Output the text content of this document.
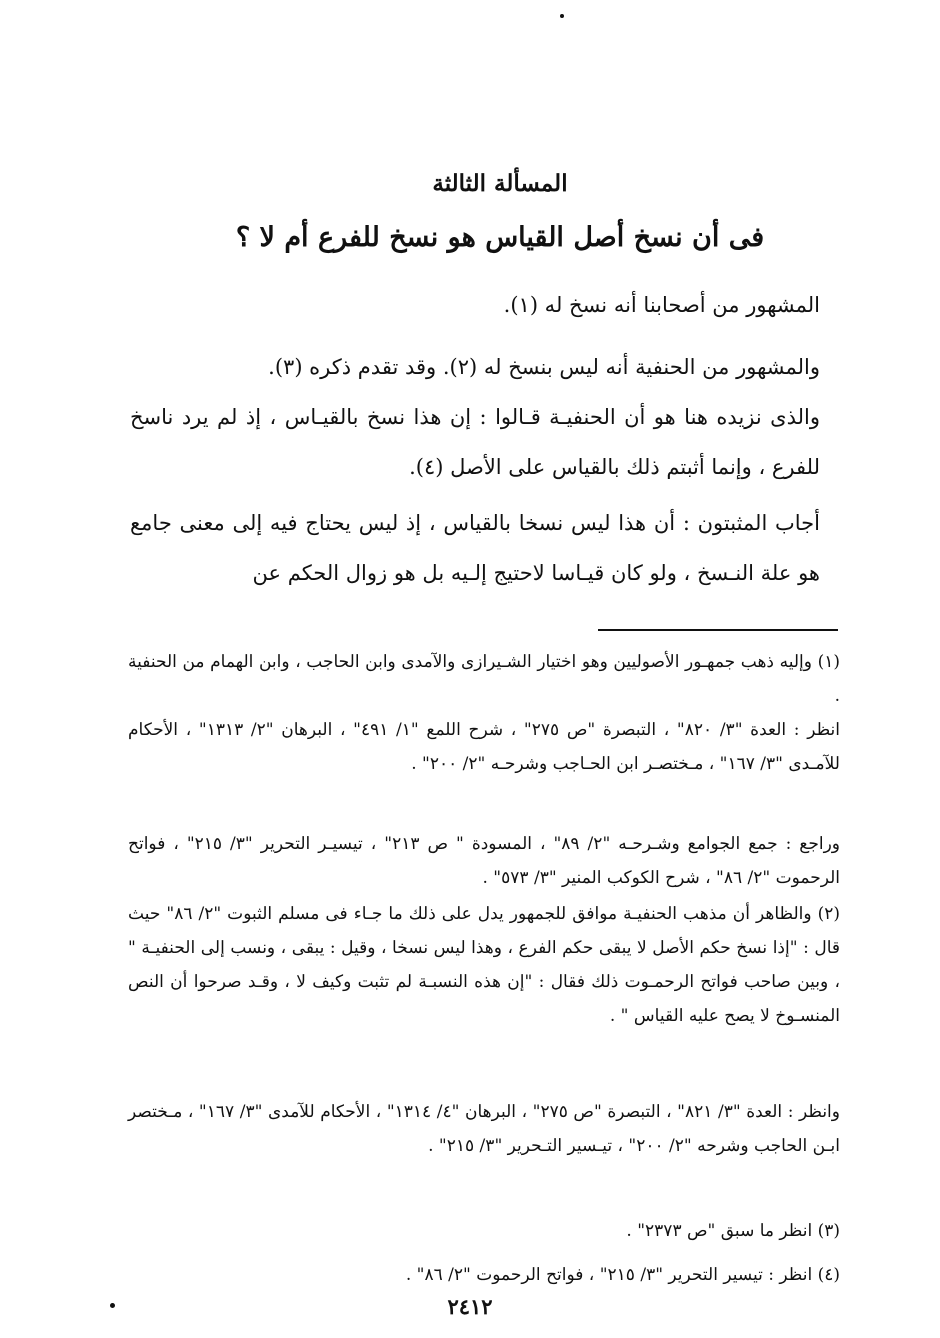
المسألة الثالثة
فى أن نسخ أصل القياس هو نسخ للفرع أم لا ؟
المشهور من أصحابنا أنه نسخ له (١).
والمشهور من الحنفية أنه ليس بنسخ له (٢). وقد تقدم ذكره (٣).
والذى نزيده هنا هو أن الحنفيـة قـالوا : إن هذا نسخ بالقيـاس ، إذ لم يرد ناسخ للفرع ، وإنما أثبتم ذلك بالقياس على الأصل (٤).
أجاب المثبتون : أن هذا ليس نسخا بالقياس ، إذ ليس يحتاج فيه إلى معنى جامع هو علة النـسخ ، ولو كان قيـاسا لاحتيج إلـيه بل هو زوال الحكم عن
(١) وإليه ذهب جمهـور الأصوليين وهو اختيار الشـيرازى والآمدى وابن الحاجب ، وابن الهمام من الحنفية .
انظر : العدة "٣/ ٨٢٠" ، التبصرة "ص ٢٧٥" ، شرح اللمع "١/ ٤٩١" ، البرهان "٢/ ١٣١٣" ، الأحكام للآمـدى "٣/ ١٦٧" ، مـختصـر ابن الحـاجب وشرحـه "٢/ ٢٠٠" .
وراجع : جمع الجوامع وشـرحـه "٢/ ٨٩" ، المسودة " ص ٢١٣" ، تيسيـر التحرير "٣/ ٢١٥" ، فواتح الرحموت "٢/ ٨٦" ، شرح الكوكب المنير "٣/ ٥٧٣" .
(٢) والظاهر أن مذهب الحنفيـة موافق للجمهور يدل على ذلك ما جـاء فى مسلم الثبوت "٢/ ٨٦" حيث قال : "إذا نسخ حكم الأصل لا يبقى حكم الفرع ، وهذا ليس نسخا ، وقيل : يبقى ، ونسب إلى الحنفيـة " ، وبين صاحب فواتح الرحمـوت ذلك فقال : "إن هذه النسبـة لم تثبت وكيف لا ، وقـد صرحوا أن النص المنسـوخ لا يصح عليه القياس " .
وانظر : العدة "٣/ ٨٢١" ، التبصرة "ص ٢٧٥" ، البرهان "٤/ ١٣١٤" ، الأحكام للآمدى "٣/ ١٦٧" ، مـختصر ابـن الحاجب وشرحه "٢/ ٢٠٠" ، تيـسير التـحرير "٣/ ٢١٥" .
(٣) انظر ما سبق "ص ٢٣٧٣" .
(٤) انظر : تيسير التحرير "٣/ ٢١٥" ، فواتح الرحموت "٢/ ٨٦" .
٢٤١٢
